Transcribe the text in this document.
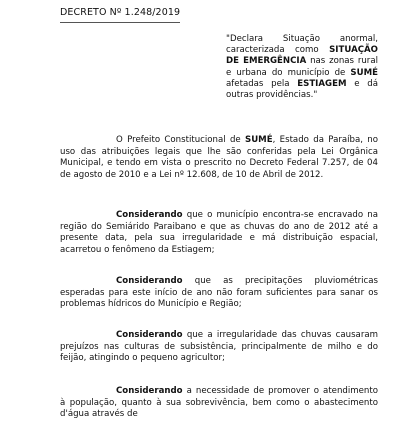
DECRETO Nº 1.248/2019
"Declara Situação anormal, caracterizada como SITUAÇÃO DE EMERGÊNCIA nas zonas rural e urbana do município de SUMÉ afetadas pela ESTIAGEM e dá outras providências."
O Prefeito Constitucional de SUMÉ, Estado da Paraíba, no uso das atribuições legais que lhe são conferidas pela Lei Orgânica Municipal, e tendo em vista o prescrito no Decreto Federal 7.257, de 04 de agosto de 2010 e a Lei nº 12.608, de 10 de Abril de 2012.
Considerando que o município encontra-se encravado na região do Semiárido Paraibano e que as chuvas do ano de 2012 até a presente data, pela sua irregularidade e má distribuição espacial, acarretou o fenômeno da Estiagem;
Considerando que as precipitações pluviométricas esperadas para este início de ano não foram suficientes para sanar os problemas hídricos do Município e Região;
Considerando que a irregularidade das chuvas causaram prejuízos nas culturas de subsistência, principalmente de milho e do feijão, atingindo o pequeno agricultor;
Considerando a necessidade de promover o atendimento à população, quanto à sua sobrevivência, bem como o abastecimento d'água através de
